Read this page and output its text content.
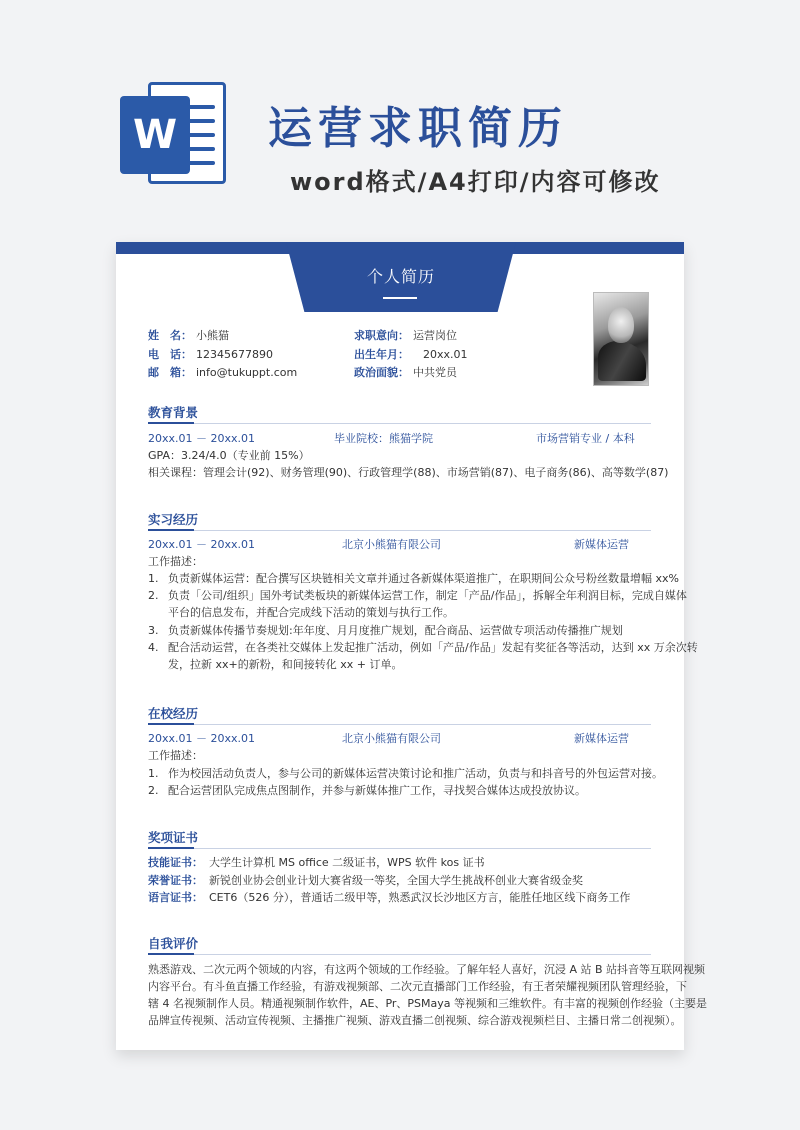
W 运营求职简历
word格式/A4打印/内容可修改
个人简历
姓　名： 小熊猫
电　话： 12345677890
邮　箱： info@tukuppt.com
求职意向： 运营岗位
出生年月： 20xx.01
政治面貌： 中共党员
教育背景
20xx.01 － 20xx.01	毕业院校：熊猫学院	市场营销专业 / 本科
GPA：3.24/4.0（专业前 15%）
相关课程：管理会计(92)、财务管理(90)、行政管理学(88)、市场营销(87)、电子商务(86)、高等数学(87)
实习经历
20xx.01 － 20xx.01	北京小熊猫有限公司	新媒体运营
工作描述：
1. 负责新媒体运营：配合撰写区块链相关文章并通过各新媒体渠道推广，在职期间公众号粉丝数量增幅 xx%
2. 负责「公司/组织」国外考试类板块的新媒体运营工作，制定「产品/作品」，拆解全年利润目标，完成自媒体
平台的信息发布，并配合完成线下活动的策划与执行工作。
3. 负责新媒体传播节奏规划:年年度、月月度推广规划，配合商品、运营做专项活动传播推广规划
4. 配合活动运营，在各类社交媒体上发起推广活动，例如「产品/作品」发起有奖征各等活动，达到 xx 万余次转
发，拉新 xx+的新粉，和间接转化 xx + 订单。
在校经历
20xx.01 － 20xx.01	北京小熊猫有限公司	新媒体运营
工作描述：
1. 作为校园活动负责人，参与公司的新媒体运营决策讨论和推广活动，负责与和抖音号的外包运营对接。
2. 配合运营团队完成焦点图制作，并参与新媒体推广工作，寻找契合媒体达成投放协议。
奖项证书
技能证书： 大学生计算机 MS office 二级证书，WPS 软件 kos 证书
荣誉证书： 新锐创业协会创业计划大赛省级一等奖，全国大学生挑战杯创业大赛省级金奖
语言证书： CET6（526 分），普通话二级甲等，熟悉武汉长沙地区方言，能胜任地区线下商务工作
自我评价
熟悉游戏、二次元两个领域的内容，有这两个领域的工作经验。了解年轻人喜好，沉浸 A 站 B 站抖音等互联网视频
内容平台。有斗鱼直播工作经验，有游戏视频部、二次元直播部门工作经验，有王者荣耀视频团队管理经验，下
辖 4 名视频制作人员。精通视频制作软件，AE、Pr、PSMaya 等视频和三维软件。有丰富的视频创作经验（主要是
品牌宣传视频、活动宣传视频、主播推广视频、游戏直播二创视频、综合游戏视频栏目、主播日常二创视频）。
